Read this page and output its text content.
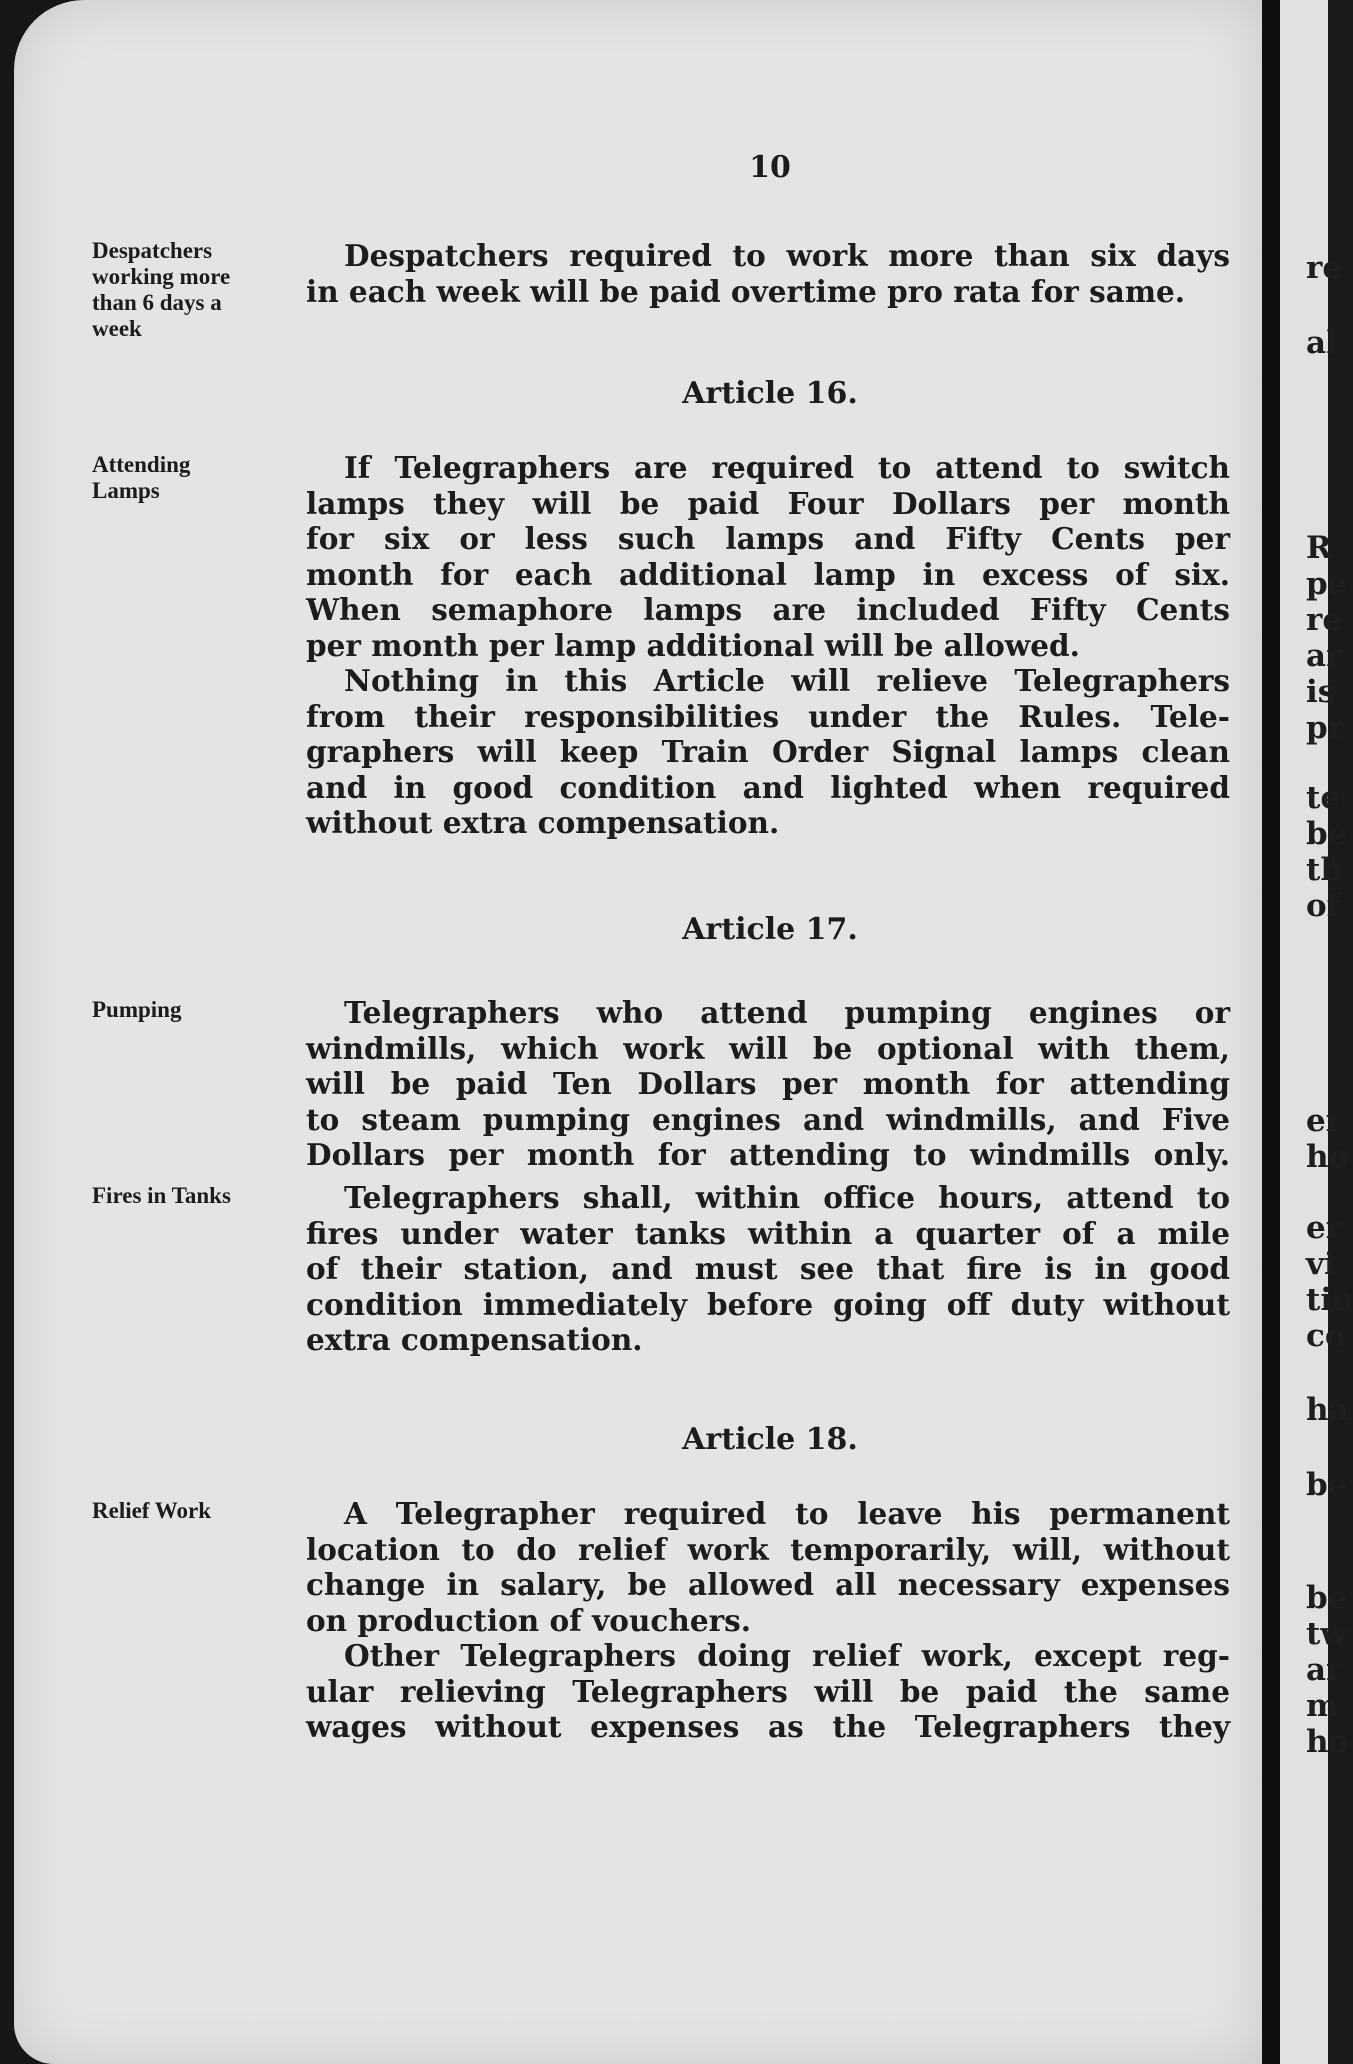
re
al
R
pe
re
ar
is
pr
te
be
th
of
er
ho
er
vi
tio
co
ha
be
be
tw
ar
m
ho
10
Despatchers
working more
than 6 days a
week
Despatchers required to work more than six days
in each week will be paid overtime pro rata for same.
Article 16.
Attending
Lamps
If Telegraphers are required to attend to switch
lamps they will be paid Four Dollars per month
for six or less such lamps and Fifty Cents per
month for each additional lamp in excess of six.
When semaphore lamps are included Fifty Cents
per month per lamp additional will be allowed.
Nothing in this Article will relieve Telegraphers
from their responsibilities under the Rules. Tele-
graphers will keep Train Order Signal lamps clean
and in good condition and lighted when required
without extra compensation.
Article 17.
Pumping	Telegraphers who attend pumping engines or
windmills, which work will be optional with them,
will be paid Ten Dollars per month for attending
to steam pumping engines and windmills, and Five
Dollars per month for attending to windmills only.
Fires in Tanks	Telegraphers shall, within office hours, attend to
fires under water tanks within a quarter of a mile
of their station, and must see that fire is in good
condition immediately before going off duty without
extra compensation.
Article 18.
Relief Work	A Telegrapher required to leave his permanent
location to do relief work temporarily, will, without
change in salary, be allowed all necessary expenses
on production of vouchers.
Other Telegraphers doing relief work, except reg-
ular relieving Telegraphers will be paid the same
wages without expenses as the Telegraphers they
